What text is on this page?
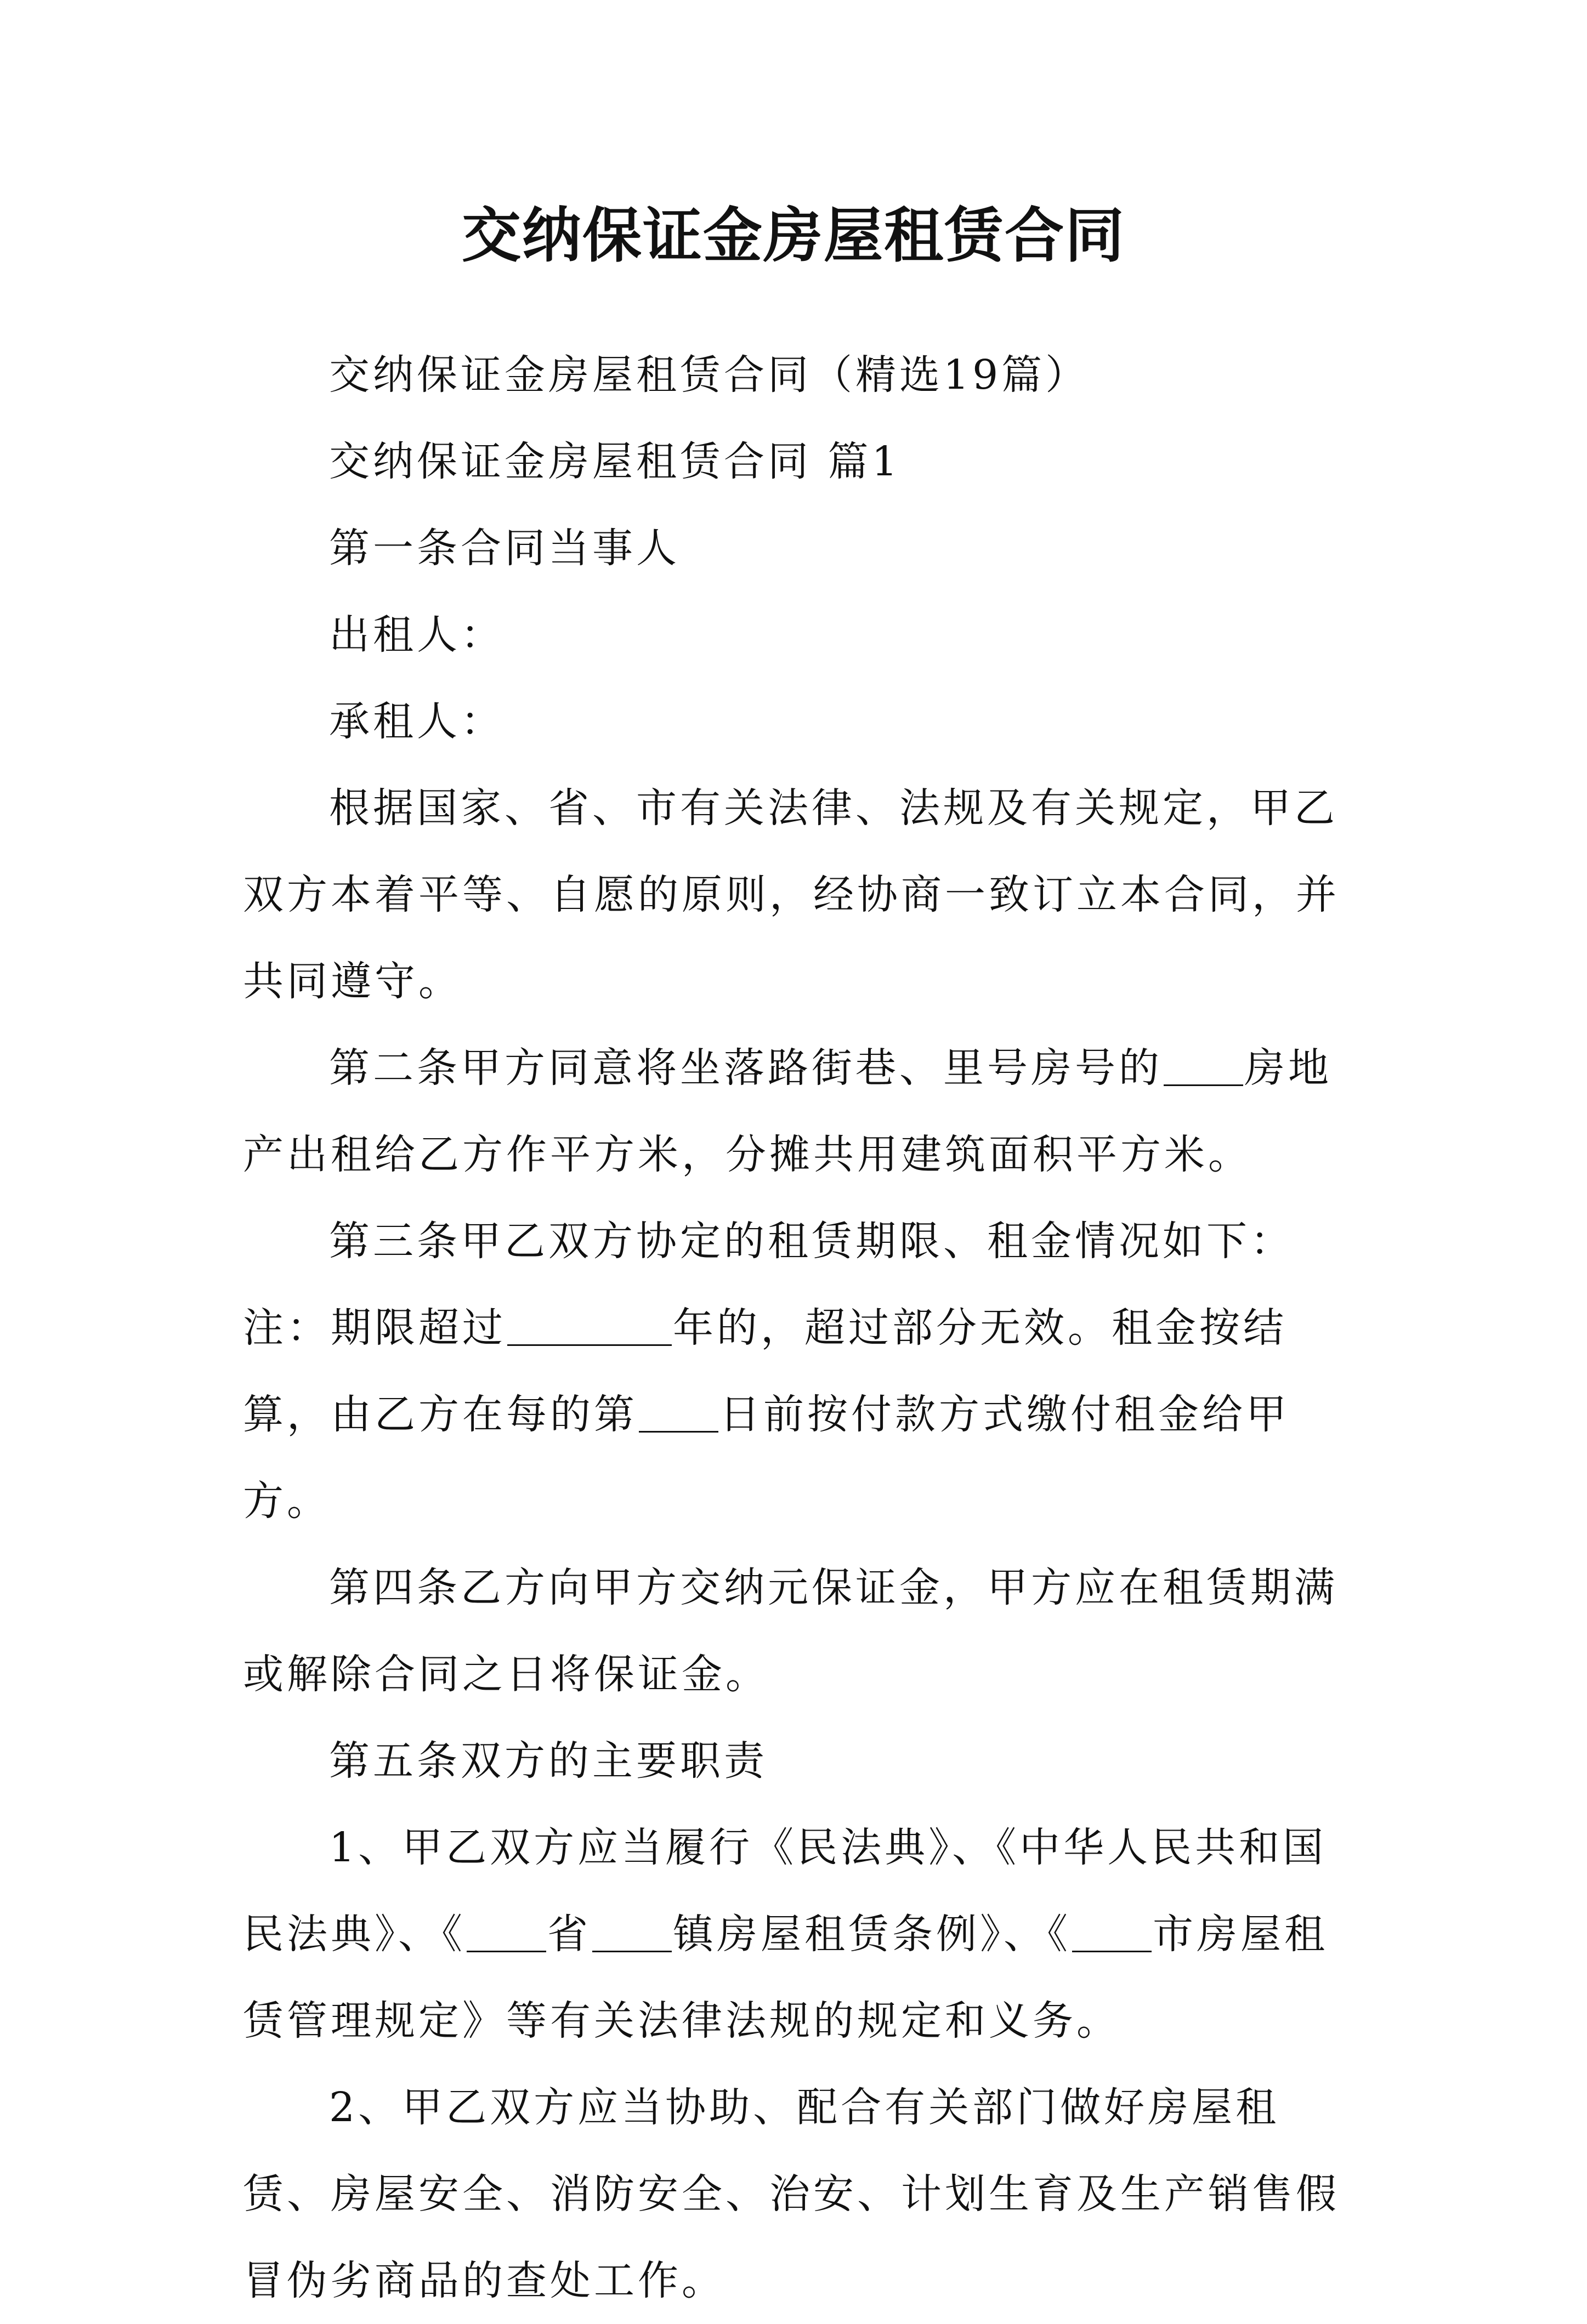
交纳保证金房屋租赁合同

交纳保证金房屋租赁合同（精选19篇）

交纳保证金房屋租赁合同 篇1

第一条合同当事人

出租人：

承租人：

根据国家、省、市有关法律、法规及有关规定，甲乙双方本着平等、自愿的原则，经协商一致订立本合同，并共同遵守。

第二条甲方同意将坐落路街巷、里号房号的 房地产出租给乙方作平方米，分摊共用建筑面积平方米。

第三条甲乙双方协定的租赁期限、租金情况如下：注：期限超过	年的，超过部分无效。租金按结算，由乙方在每的第 日前按付款方式缴付租金给甲方。

第四条乙方向甲方交纳元保证金，甲方应在租赁期满或解除合同之日将保证金。

第五条双方的主要职责

1、甲乙双方应当履行《民法典》、《中华人民共和国民法典》、《 省 镇房屋租赁条例》、《 市房屋租赁管理规定》等有关法律法规的规定和义务。

2、甲乙双方应当协助、配合有关部门做好房屋租赁、房屋安全、消防安全、治安、计划生育及生产销售假冒伪劣商品的查处工作。
